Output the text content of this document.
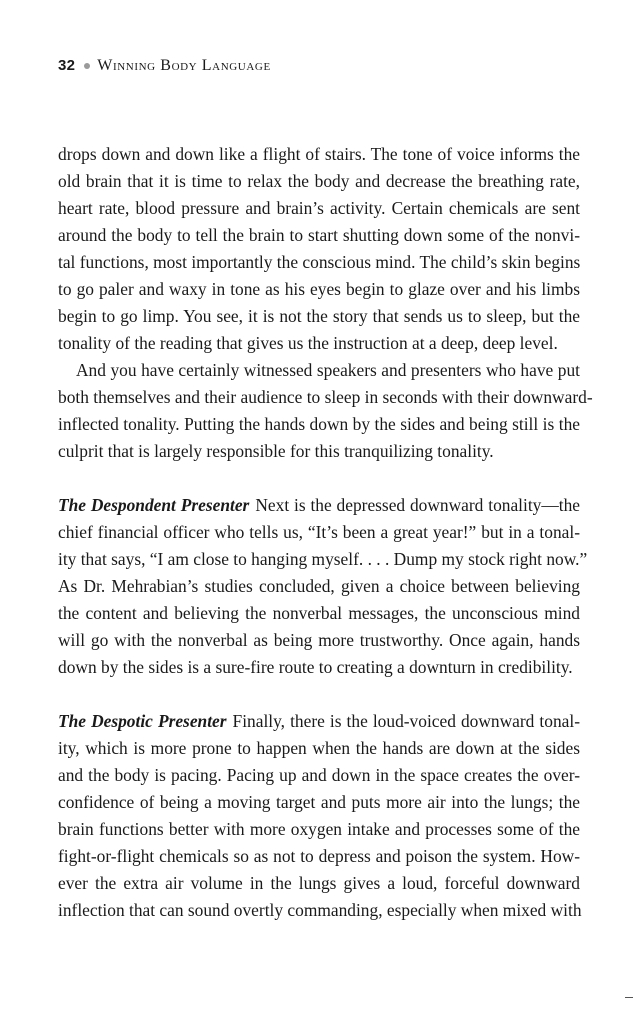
32 Winning Body Language
drops down and down like a flight of stairs. The tone of voice informs the
old brain that it is time to relax the body and decrease the breathing rate,
heart rate, blood pressure and brain’s activity. Certain chemicals are sent
around the body to tell the brain to start shutting down some of the nonvi-
tal functions, most importantly the conscious mind. The child’s skin begins
to go paler and waxy in tone as his eyes begin to glaze over and his limbs
begin to go limp. You see, it is not the story that sends us to sleep, but the
tonality of the reading that gives us the instruction at a deep, deep level.
And you have certainly witnessed speakers and presenters who have put
both themselves and their audience to sleep in seconds with their downward-
inflected tonality. Putting the hands down by the sides and being still is the
culprit that is largely responsible for this tranquilizing tonality.
The Despondent Presenter Next is the depressed downward tonality—the
chief financial officer who tells us, “It’s been a great year!” but in a tonal-
ity that says, “I am close to hanging myself. . . . Dump my stock right now.”
As Dr. Mehrabian’s studies concluded, given a choice between believing
the content and believing the nonverbal messages, the unconscious mind
will go with the nonverbal as being more trustworthy. Once again, hands
down by the sides is a sure-fire route to creating a downturn in credibility.
The Despotic Presenter Finally, there is the loud-voiced downward tonal-
ity, which is more prone to happen when the hands are down at the sides
and the body is pacing. Pacing up and down in the space creates the over-
confidence of being a moving target and puts more air into the lungs; the
brain functions better with more oxygen intake and processes some of the
fight-or-flight chemicals so as not to depress and poison the system. How-
ever the extra air volume in the lungs gives a loud, forceful downward
inflection that can sound overtly commanding, especially when mixed with
